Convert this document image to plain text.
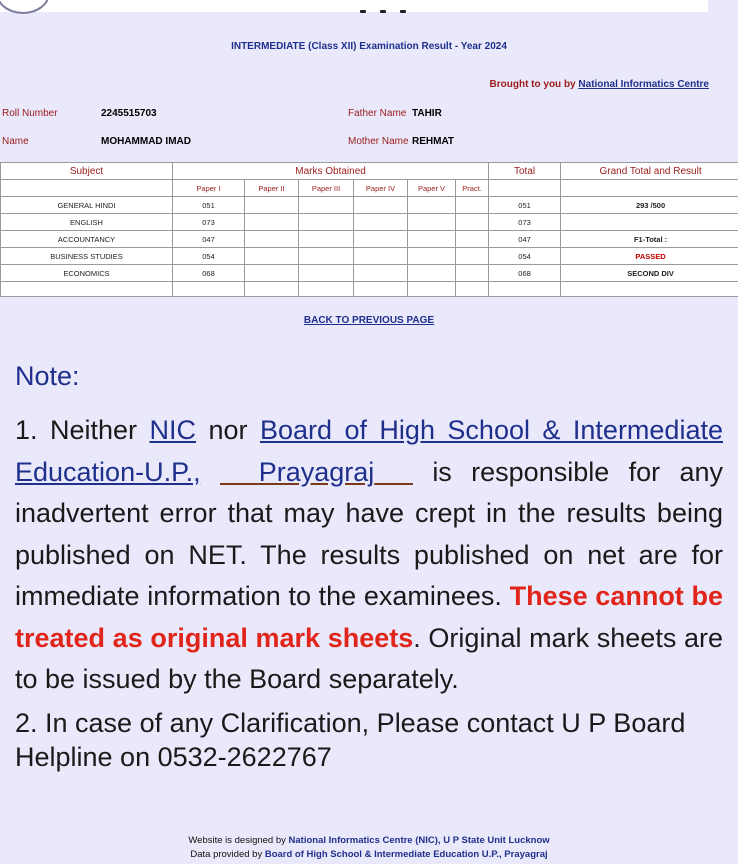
INTERMEDIATE (Class XII) Examination Result - Year 2024
Brought to you by National Informatics Centre
Roll Number	2245515703	Father Name TAHIR
Name	MOHAMMAD IMAD	Mother Name REHMAT
Subject	Marks Obtained						Total	Grand Total and Result
	Paper I	Paper II	Paper III	Paper IV	Paper V	Pract.		
GENERAL HINDI	051						051	293 /500
ENGLISH	073						073	
ACCOUNTANCY	047						047	F1-Total :
BUSINESS STUDIES	054						054	PASSED
ECONOMICS	068						068	SECOND DIV

BACK TO PREVIOUS PAGE
Note:
1. Neither NIC nor Board of High School & Intermediate Education-U.P., Prayagraj is responsible for any inadvertent error that may have crept in the results being published on NET. The results published on net are for immediate information to the examinees. These cannot be treated as original mark sheets. Original mark sheets are to be issued by the Board separately.
2. In case of any Clarification, Please contact U P Board Helpline on 0532-2622767
Website is designed by National Informatics Centre (NIC), U P State Unit Lucknow
Data provided by Board of High School & Intermediate Education U.P., Prayagraj
